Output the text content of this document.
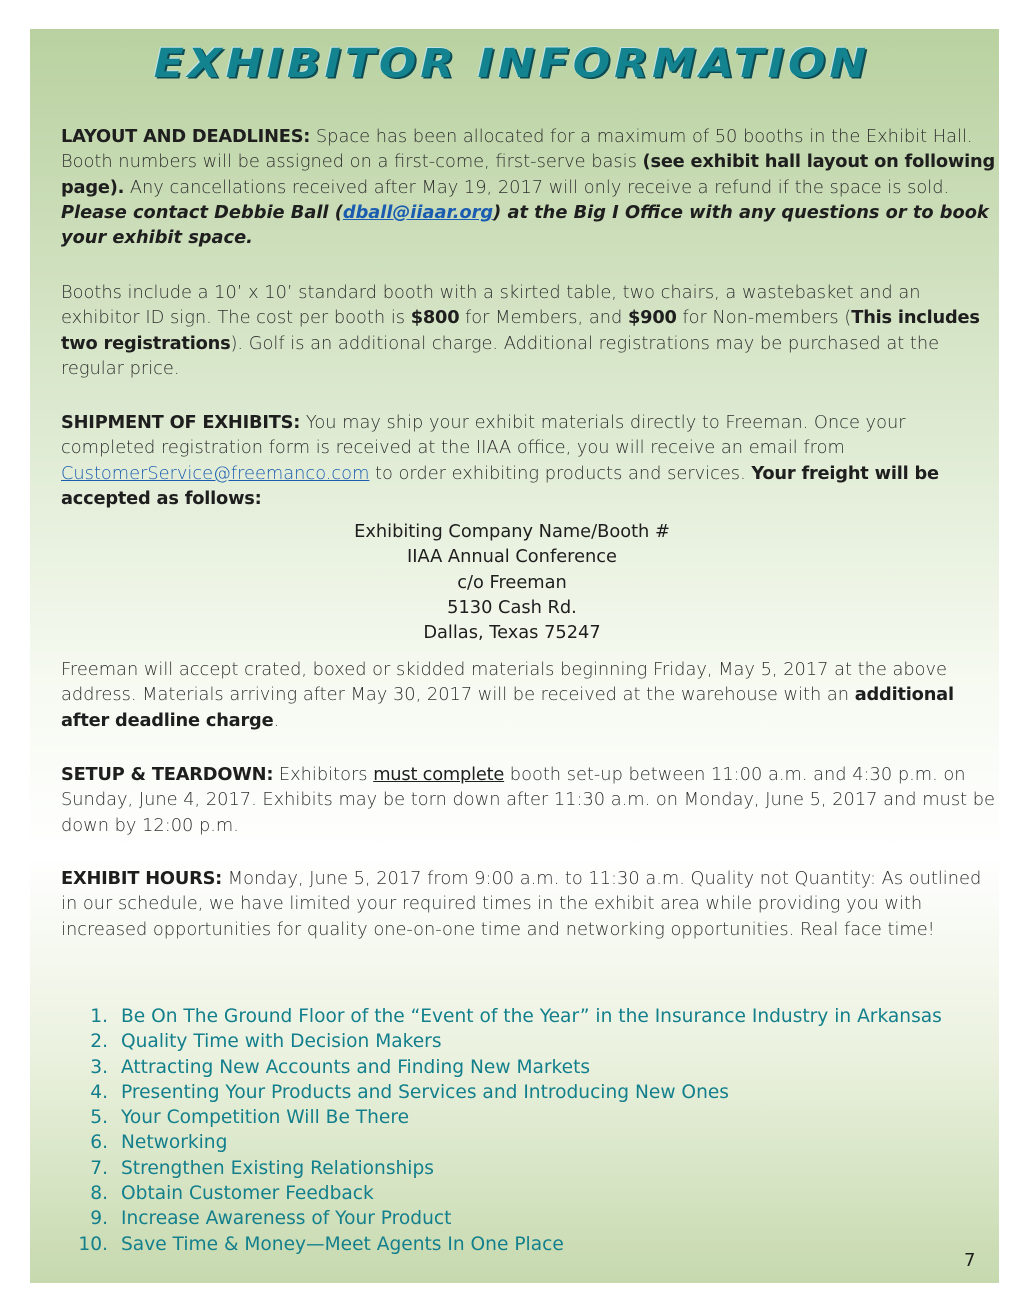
EXHIBITOR INFORMATION

LAYOUT AND DEADLINES: Space has been allocated for a maximum of 50 booths in the Exhibit Hall. Booth numbers will be assigned on a first-come, first-serve basis (see exhibit hall layout on following page). Any cancellations received after May 19, 2017 will only receive a refund if the space is sold. Please contact Debbie Ball (dball@iiaar.org) at the Big I Office with any questions or to book your exhibit space.

Booths include a 10’ x 10’ standard booth with a skirted table, two chairs, a wastebasket and an exhibitor ID sign. The cost per booth is $800 for Members, and $900 for Non-members (This includes two registrations). Golf is an additional charge. Additional registrations may be purchased at the regular price.

SHIPMENT OF EXHIBITS: You may ship your exhibit materials directly to Freeman. Once your completed registration form is received at the IIAA office, you will receive an email from CustomerService@freemanco.com to order exhibiting products and services. Your freight will be accepted as follows:

Exhibiting Company Name/Booth #
IIAA Annual Conference
c/o Freeman
5130 Cash Rd.
Dallas, Texas 75247

Freeman will accept crated, boxed or skidded materials beginning Friday, May 5, 2017 at the above address. Materials arriving after May 30, 2017 will be received at the warehouse with an additional after deadline charge.

SETUP & TEARDOWN: Exhibitors must complete booth set-up between 11:00 a.m. and 4:30 p.m. on Sunday, June 4, 2017. Exhibits may be torn down after 11:30 a.m. on Monday, June 5, 2017 and must be down by 12:00 p.m.

EXHIBIT HOURS: Monday, June 5, 2017 from 9:00 a.m. to 11:30 a.m. Quality not Quantity: As outlined in our schedule, we have limited your required times in the exhibit area while providing you with increased opportunities for quality one-on-one time and networking opportunities. Real face time!

1. Be On The Ground Floor of the “Event of the Year” in the Insurance Industry in Arkansas
2. Quality Time with Decision Makers
3. Attracting New Accounts and Finding New Markets
4. Presenting Your Products and Services and Introducing New Ones
5. Your Competition Will Be There
6. Networking
7. Strengthen Existing Relationships
8. Obtain Customer Feedback
9. Increase Awareness of Your Product
10. Save Time & Money—Meet Agents In One Place
7
